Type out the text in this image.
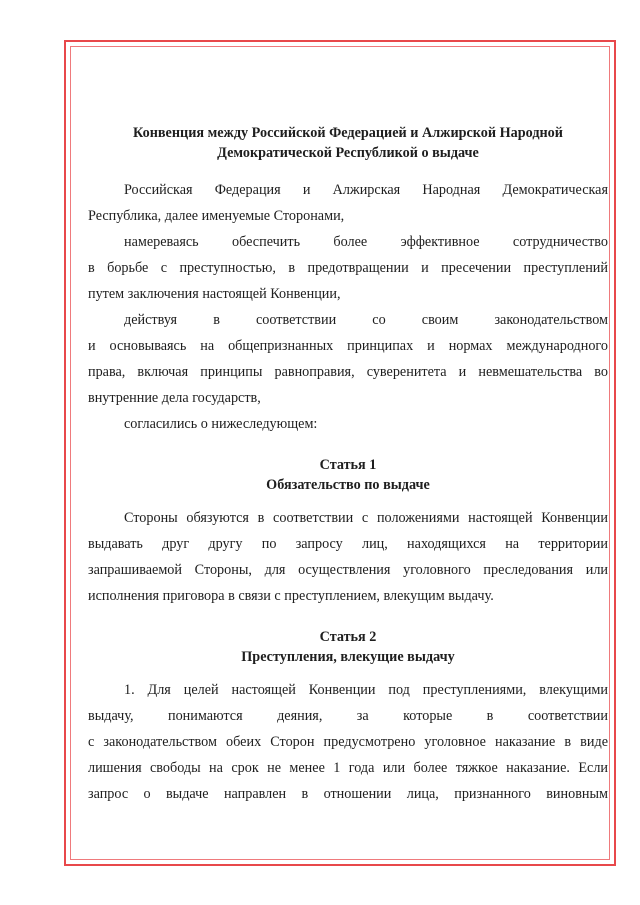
Конвенция между Российской Федерацией и Алжирской Народной
Демократической Республикой о выдаче

Российская Федерация и Алжирская Народная Демократическая

Республика, далее именуемые Сторонами,

намереваясь обеспечить более эффективное сотрудничество

в борьбе с преступностью, в предотвращении и пресечении преступлений

путем заключения настоящей Конвенции,

действуя в соответствии со своим законодательством

и основываясь на общепризнанных принципах и нормах международного

права, включая принципы равноправия, суверенитета и невмешательства во

внутренние дела государств,

согласились о нижеследующем:

Статья 1
Обязательство по выдаче

Стороны обязуются в соответствии с положениями настоящей Конвенции

выдавать друг другу по запросу лиц, находящихся на территории

запрашиваемой Стороны, для осуществления уголовного преследования или

исполнения приговора в связи с преступлением, влекущим выдачу.

Статья 2
Преступления, влекущие выдачу

1. Для целей настоящей Конвенции под преступлениями, влекущими

выдачу, понимаются деяния, за которые в соответствии

с законодательством обеих Сторон предусмотрено уголовное наказание в виде

лишения свободы на срок не менее 1 года или более тяжкое наказание. Если

запрос о выдаче направлен в отношении лица, признанного виновным
